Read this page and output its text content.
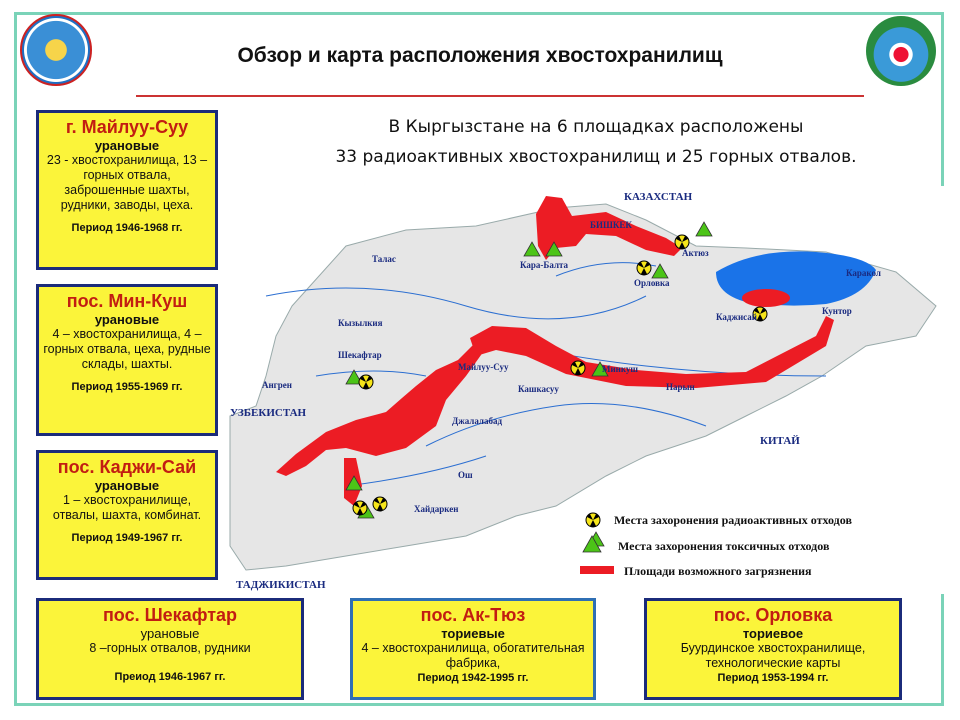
Обзор и карта расположения хвостохранилищ
В Кыргызстане на 6 площадках расположены
33 радиоактивных хвостохранилищ и 25 горных отвалов.
г. Майлуу-Суу
урановые
23 - хвостохранилища, 13 – горных отвала, заброшенные шахты, рудники, заводы, цеха.
Период 1946-1968 гг.
пос. Мин-Куш
урановые
4 – хвостохранилища, 4 – горных отвала, цеха, рудные склады, шахты.
Период 1955-1969 гг.
пос. Каджи-Сай
урановые
1 – хвостохранилище, отвалы, шахта, комбинат.
Период 1949-1967 гг.
пос. Шекафтар
урановые
8 –горных отвалов, рудники
Преиод 1946-1967 гг.
пос. Ак-Тюз
ториевые
4 – хвостохранилища, обогатительная фабрика,
Период 1942-1995 гг.
пос. Орловка
ториевое
Буурдинское хвостохранилище, технологические карты
Период 1953-1994 гг.
КАЗАХСТАН
УЗБЕКИСТАН
ТАДЖИКИСТАН
КИТАЙ
БИШКЕК
Кара-Балта
Орловка
Актюз
Талас
Каракол
Каджисай
Кунтор
Кызылкия
Шекафтар
Майлуу-Суу
Кашкасуу
Минкуш
Нарын
Джалалабад
Ош
Ангрен
Хайдаркен
Места захоронения радиоактивных отходов
Места захоронения токсичных отходов
Площади возможного загрязнения
